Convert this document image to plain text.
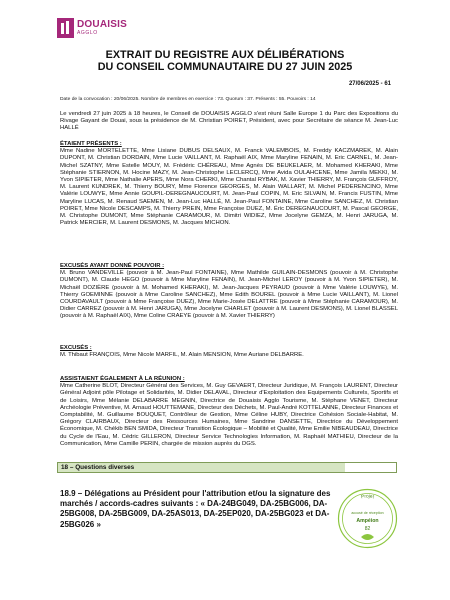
DOUAISIS
AGGLO
EXTRAIT DU REGISTRE AUX DÉLIBÉRATIONS
DU CONSEIL COMMUNAUTAIRE DU 27 JUIN 2025
27/06/2025 - 61
Date de la convocation : 20/06/2025. Nombre de membres en exercice : 73. Quorum : 37. Présents : 55. Pouvoirs : 14

Le vendredi 27 juin 2025 à 18 heures, le Conseil de DOUAISIS AGGLO s'est réuni Salle Europe 1 du Parc des Expositions du Rivage Gayant de Douai, sous la présidence de M. Christian POIRET, Président, avec pour Secrétaire de séance M. Jean-Luc HALLÉ

ÉTAIENT PRÉSENTS :
Mme Nadine MORTELETTE, Mme Lisiane DUBUS DELSAUX, M. Franck VALEMBOIS, M. Freddy KACZMAREK, M. Alain DUPONT, M. Christian DORDAIN, Mme Lucie VAILLANT, M. Raphaël AIX, Mme Maryline FENAIN, M. Eric CARNEL, M. Jean-Michel SZATNY, Mme Estelle MOUY, M. Frédéric CHÉREAU, Mme Agnès DE BEUKELAER, M. Mohamed KHERAKI, Mme Stéphanie STIERNON, M. Hocine MAZY, M. Jean-Christophe LECLERCQ, Mme Avida OULAHCENE, Mme Jamila MEKKI, M. Yvon SIPIETER, Mme Nathalie APERS, Mme Nora CHERKI, Mme Chantal RYBAK, M. Xavier THIERRY, M. François GUFFROY, M. Laurent KUNDREK, M. Thierry BOURY, Mme Florence GEORGES, M. Alain WALLART, M. Michel PEDERENCINO, Mme Valérie LOUWYE, Mme Annie GOUPIL-DEREGNAUCOURT, M. Jean-Paul COPIN, M. Eric SILVAIN, M. Francis FUSTIN, Mme Maryline LUCAS, M. Renaud SAEMEN, M. Jean-Luc HALLÉ, M. Jean-Paul FONTAINE, Mme Caroline SANCHEZ, M. Christian POIRET, Mme Nicole DESCAMPS, M. Thierry PREIN, Mme Françoise DUEZ, M. Éric DEREGNAUCOURT, M. Pascal GEORGE, M. Christophe DUMONT, Mme Stéphanie CARAMOUR, M. Dimitri WIDIEZ, Mme Jocelyne GEMZA, M. Henri JARUGA, M. Patrick MERCIER, M. Laurent DESMONS, M. Jacques MICHON.
EXCUSÉS AYANT DONNÉ POUVOIR :
M. Bruno VANDEVILLE (pouvoir à M. Jean-Paul FONTAINE), Mme Mathilde GUILAIN-DESMONS (pouvoir à M. Christophe DUMONT), M. Claude HEGO (pouvoir à Mme Maryline FENAIN), M. Jean-Michel LEROY (pouvoir à M. Yvon SIPIETER), M. Michaël DOZIÈRE (pouvoir à M. Mohamed KHERAKI), M. Jean-Jacques PEYRAUD (pouvoir à Mme Valérie LOUWYE), M. Thierry GOEMINNE (pouvoir à Mme Caroline SANCHEZ), Mme Edith BOUREL (pouvoir à Mme Lucie VAILLANT), M. Lionel COURDAVAULT (pouvoir à Mme Françoise DUEZ), Mme Marie-Josée DELATTRE (pouvoir à Mme Stéphanie CARAMOUR), M. Didier CARREZ (pouvoir à M. Henri JARUGA), Mme Jocelyne CHARLET (pouvoir à M. Laurent DESMONS), M. Lionel BLASSEL (pouvoir à M. Raphaël AIX), Mme Coline CRAEYE (pouvoir à M. Xavier THIERRY)
EXCUSÉS :
M. Thibaut FRANÇOIS, Mme Nicole MARFIL, M. Alain MENSION, Mme Auriane DELBARRE.
ASSISTAIENT ÉGALEMENT À LA RÉUNION :
Mme Catherine BLOT, Directeur Général des Services, M. Guy GEVAERT, Directeur Juridique, M. François LAURENT, Directeur Général Adjoint pôle Pilotage et Solidarités, M. Didier DELAVAL, Directeur d'Exploitation des Equipements Culturels, Sportifs et de Loisirs, Mme Mélanie DELABARRE MEGNIN, Directrice de Douaisis Agglo Tourisme, M. Stéphane VENET, Directeur Archéologie Préventive, M. Arnaud HOUTTEMANE, Directeur des Déchets, M. Paul-André KOTTELANNE, Directeur Finances et Comptabilité, M. Guillaume BOUQUET, Contrôleur de Gestion, Mme Céline HUBY, Directrice Cohésion Sociale-Habitat, M. Grégory CLAIRBAUX, Directeur des Ressources Humaines, Mme Sandrine DANSETTE, Directrice du Développement Économique, M. Chékib BEN SMIDA, Directeur Transition Écologique – Mobilité et Qualité, Mme Emilie NIBEAUDEAU, Directrice du Cycle de l'Eau, M. Cédric GILLERON, Directeur Service Technologies Information, M. Raphaël MATHIEU, Directeur de la Communication, Mme Camille PERIN, chargée de mission auprès du DGS.
18 – Questions diverses
18.9 – Délégations au Président pour l'attribution et/ou la signature des marchés / accords-cadres suivants : « DA-24BG049, DA-25BG006, DA-25BG008, DA-25BG009, DA-25AS013, DA-25EP020, DA-25BG023 et DA-25BG026 »
Projet
accusé de réception
Ampéion
82
